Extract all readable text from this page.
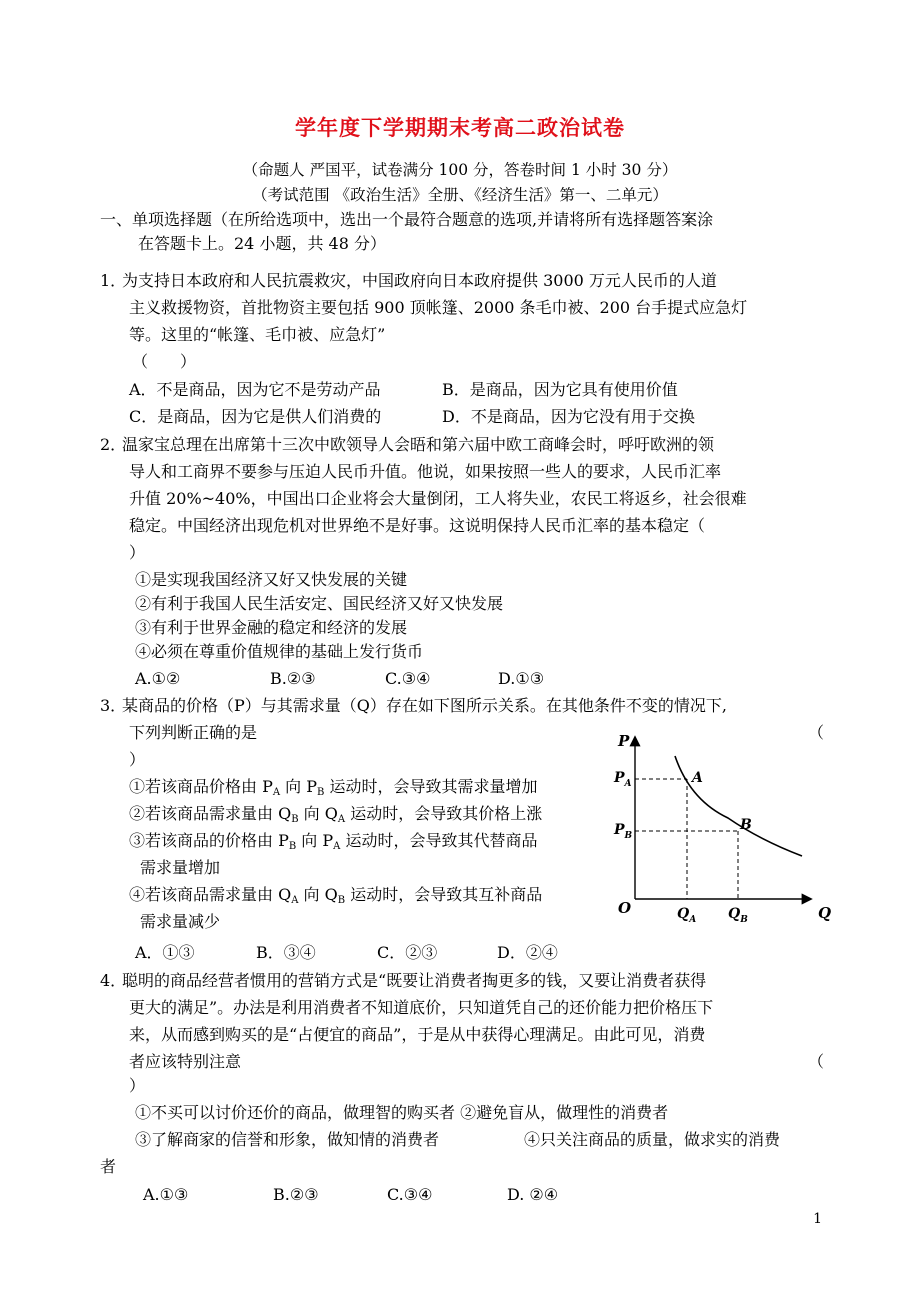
学年度下学期期末考高二政治试卷
（命题人 严国平，试卷满分 100 分，答卷时间 1 小时 30 分）
（考试范围 《政治生活》全册、《经济生活》第一、二单元）
一、单项选择题（在所给选项中，选出一个最符合题意的选项,并请将所有选择题答案涂
在答题卡上。24 小题，共 48 分）
1．为支持日本政府和人民抗震救灾，中国政府向日本政府提供 3000 万元人民币的人道
主义救援物资，首批物资主要包括 900 顶帐篷、2000 条毛巾被、200 台手提式应急灯
等。这里的“帐篷、毛巾被、应急灯”
（　　）
A．不是商品，因为它不是劳动产品	B．是商品，因为它具有使用价值
C．是商品，因为它是供人们消费的	D．不是商品，因为它没有用于交换
2．温家宝总理在出席第十三次中欧领导人会晤和第六届中欧工商峰会时，呼吁欧洲的领
导人和工商界不要参与压迫人民币升值。他说，如果按照一些人的要求，人民币汇率
升值 20%~40%，中国出口企业将会大量倒闭，工人将失业，农民工将返乡，社会很难
稳定。中国经济出现危机对世界绝不是好事。这说明保持人民币汇率的基本稳定（
）
①是实现我国经济又好又快发展的关键
②有利于我国人民生活安定、国民经济又好又快发展
③有利于世界金融的稳定和经济的发展
④必须在尊重价值规律的基础上发行货币
A.①②	B.②③	C.③④	D.①③
3．某商品的价格（P）与其需求量（Q）存在如下图所示关系。在其他条件不变的情况下,
下列判断正确的是	（
）
①若该商品价格由 $P_A$ 向 $P_B$ 运动时，会导致其需求量增加
②若该商品需求量由 $Q_B$ 向 $Q_A$ 运动时，会导致其价格上涨
③若该商品的价格由 $P_B$ 向 $P_A$ 运动时，会导致其代替商品
需求量增加
④若该商品需求量由 $Q_A$ 向 $Q_B$ 运动时，会导致其互补商品
需求量减少
A．①③	B．③④	C．②③	D．②④
P
Q
O
$P_A$
$P_B$
$Q_A$ $Q_B$
A
B
4．聪明的商品经营者惯用的营销方式是“既要让消费者掏更多的钱，又要让消费者获得
更大的满足”。办法是利用消费者不知道底价，只知道凭自己的还价能力把价格压下
来，从而感到购买的是“占便宜的商品”，于是从中获得心理满足。由此可见，消费
者应该特别注意	（
）
①不买可以讨价还价的商品，做理智的购买者 ②避免盲从，做理性的消费者
③了解商家的信誉和形象，做知情的消费者	④只关注商品的质量，做求实的消费
者
A.①③	B.②③	C.③④	D. ②④
1
